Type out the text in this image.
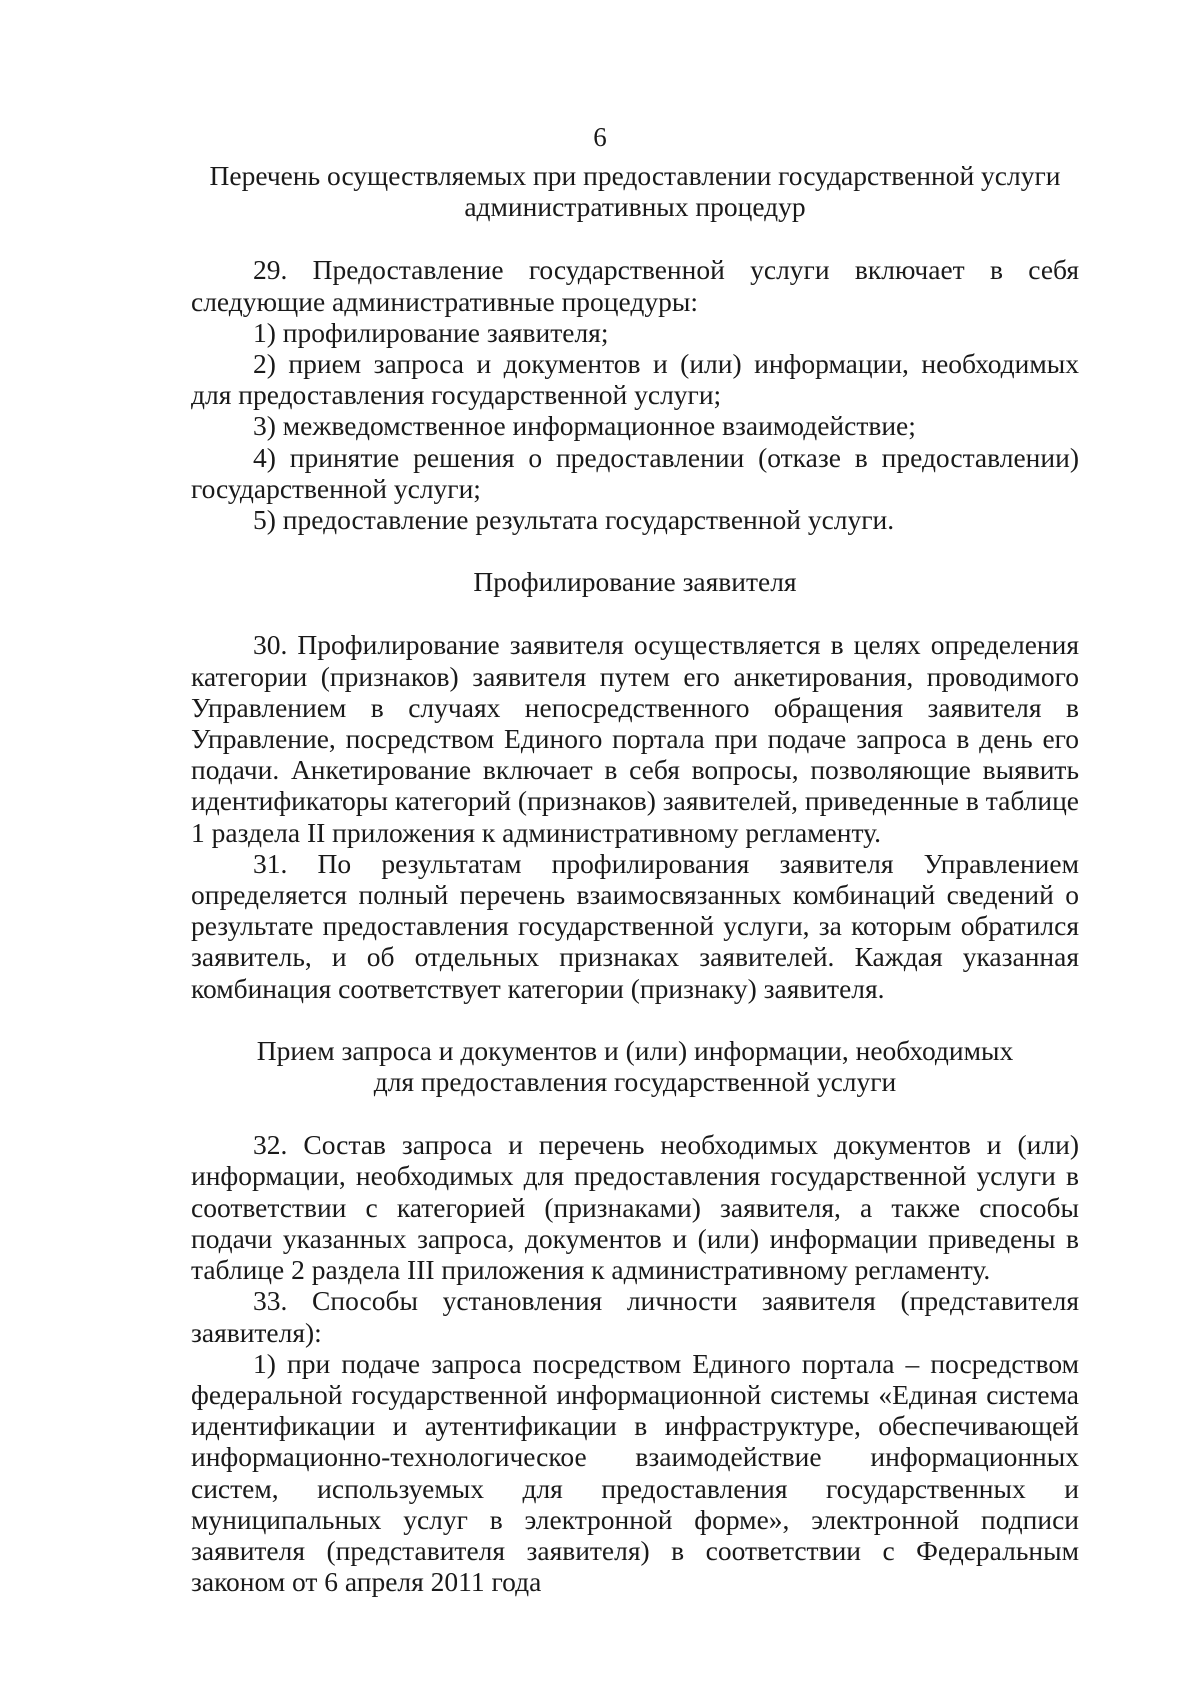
6
Перечень осуществляемых при предоставлении государственной услуги
административных процедур

29. Предоставление государственной услуги включает в себя следующие административные процедуры:

1) профилирование заявителя;

2) прием запроса и документов и (или) информации, необходимых для предоставления государственной услуги;

3) межведомственное информационное взаимодействие;

4) принятие решения о предоставлении (отказе в предоставлении) государственной услуги;

5) предоставление результата государственной услуги.

Профилирование заявителя

30. Профилирование заявителя осуществляется в целях определения категории (признаков) заявителя путем его анкетирования, проводимого Управлением в случаях непосредственного обращения заявителя в Управление, посредством Единого портала при подаче запроса в день его подачи. Анкетирование включает в себя вопросы, позволяющие выявить идентификаторы категорий (признаков) заявителей, приведенные в таблице 1 раздела II приложения к административному регламенту.

31. По результатам профилирования заявителя Управлением определяется полный перечень взаимосвязанных комбинаций сведений о результате предоставления государственной услуги, за которым обратился заявитель, и об отдельных признаках заявителей. Каждая указанная комбинация соответствует категории (признаку) заявителя.

Прием запроса и документов и (или) информации, необходимых
для предоставления государственной услуги

32. Состав запроса и перечень необходимых документов и (или) информации, необходимых для предоставления государственной услуги в соответствии с категорией (признаками) заявителя, а также способы подачи указанных запроса, документов и (или) информации приведены в таблице 2 раздела III приложения к административному регламенту.

33. Способы установления личности заявителя (представителя заявителя):

1) при подаче запроса посредством Единого портала – посредством федеральной государственной информационной системы «Единая система идентификации и аутентификации в инфраструктуре, обеспечивающей информационно-технологическое взаимодействие информационных систем, используемых для предоставления государственных и муниципальных услуг в электронной форме», электронной подписи заявителя (представителя заявителя) в соответствии с Федеральным законом от 6 апреля 2011 года
